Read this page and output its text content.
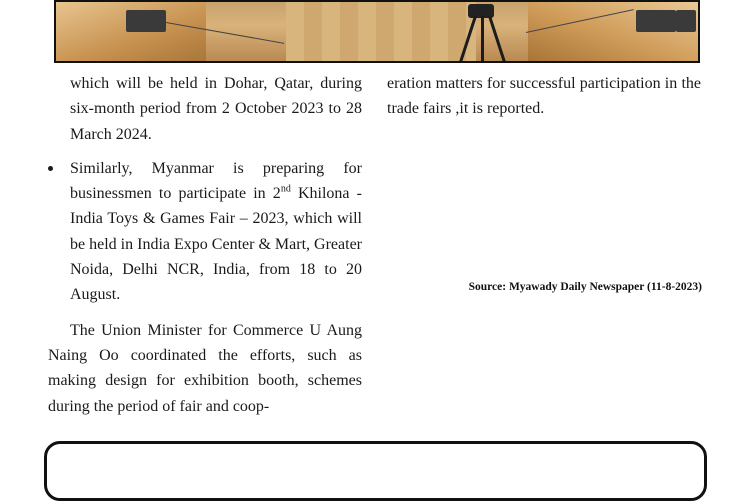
which will be held in Dohar, Qatar, during six-month period from 2 October 2023 to 28 March 2024.

Similarly, Myanmar is preparing for businessmen to participate in 2nd Khilona -India Toys & Games Fair – 2023, which will be held in India Expo Center & Mart, Greater Noida, Delhi NCR, India, from 18 to 20 August.

The Union Minister for Commerce U Aung Naing Oo coordinated the efforts, such as making design for exhibition booth, schemes during the period of fair and coop-

eration matters for successful participation in the trade fairs ,it is reported.

Source: Myawady Daily Newspaper (11-8-2023)
